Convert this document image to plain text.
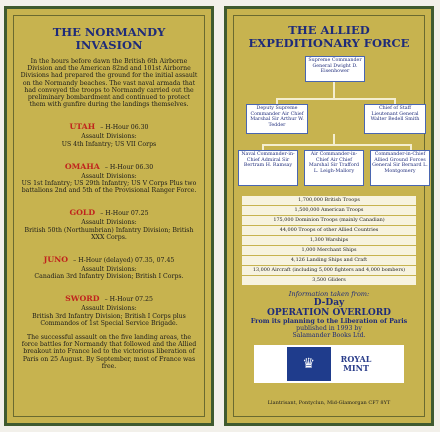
THE NORMANDY
INVASION
In the hours before dawn the British 6th Airborne Division and the American 82nd and 101st Airborne Divisions had prepared the ground for the initial assault on the Normandy beaches. The vast naval armada that had conveyed the troops to Normandy carried out the preliminary bombardment and continued to protect them with gunfire during the landings themselves.
UTAH – H-Hour 06.30
Assault Divisions:
US 4th Infantry; US VII Corps
OMAHA – H-Hour 06.30
Assault Divisions:
US 1st Infantry; US 29th Infantry; US V Corps Plus two battalions 2nd and 5th of the Provisional Ranger Force.
GOLD – H-Hour 07.25
Assault Divisions:
British 50th (Northumbrian) Infantry Division; British XXX Corps.
JUNO – H-Hour (delayed) 07.35, 07.45
Assault Divisions:
Canadian 3rd Infantry Division; British I Corps.
SWORD – H-Hour 07.25
Assault Divisions:
British 3rd Infantry Division; British I Corps plus Commandos of 1st Special Service Brigade.
The successful assault on the five landing areas, the force battles for Normandy that followed and the Allied breakout into France led to the victorious liberation of Paris on 25 August. By September, most of France was free.
THE ALLIED
EXPEDITIONARY FORCE
Supreme Commander General Dwight D. Eisenhower
Deputy Supreme Commander Air Chief Marshal Sir Arthur W. Tedder
Chief of Staff Lieutenant General Walter Bedell Smith
Naval Commander-in-Chief Admiral Sir Bertram H. Ramsay
Air Commander-in-Chief Air Chief Marshal Sir Trafford L. Leigh-Mallory
Commander-in-Chief Allied Ground Forces General Sir Bernard L. Montgomery
1,700,000 British Troops
1,500,000 American Troops
175,000 Dominion Troops (mainly Canadian)
44,000 Troops of other Allied Countries
1,300 Warships
1,000 Merchant Ships
4,126 Landing Ships and Craft
13,000 Aircraft (including 5,000 fighters and 4,000 bombers)
3,500 Gliders
Information taken from:
D-Day
OPERATION OVERLORD
From its planning to the Liberation of Paris
published in 1993 by
Salamander Books Ltd.
♛	ROYAL
MINT
Llantrisant, Pontyclun, Mid-Glamorgan CF7 8YT
